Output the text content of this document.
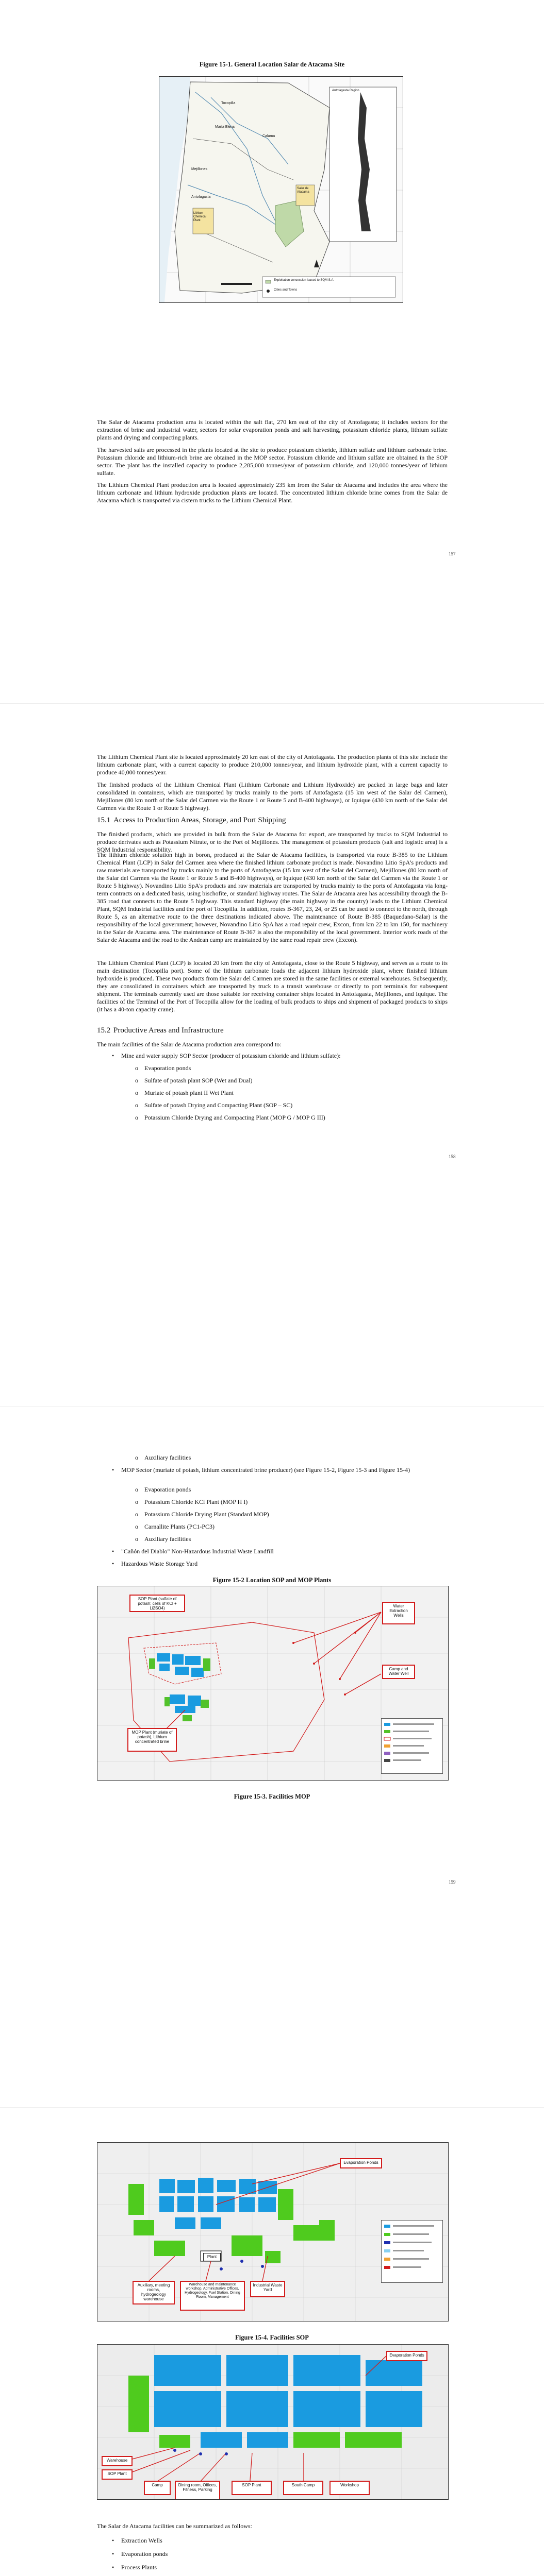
Figure 15-1. General Location Salar de Atacama Site
Tocopilla
María Elena
Calama
Mejillones
Antofagasta
Salar de Atacama
Lithium Chemical Plant
Antofagasta Region
Exploitation concession leased to SQM S.A.
Cities and Towns

The Salar de Atacama production area is located within the salt flat, 270 km east of the city of Antofagasta; it includes sectors for the extraction of brine and industrial water, sectors for solar evaporation ponds and salt harvesting, potassium chloride plants, lithium sulfate plants and drying and compacting plants.

The harvested salts are processed in the plants located at the site to produce potassium chloride, lithium sulfate and lithium carbonate brine. Potassium chloride and lithium-rich brine are obtained in the MOP sector. Potassium chloride and lithium sulfate are obtained in the SOP sector. The plant has the installed capacity to produce 2,285,000 tonnes/year of potassium chloride, and 120,000 tonnes/year of lithium sulfate.

The Lithium Chemical Plant production area is located approximately 235 km from the Salar de Atacama and includes the area where the lithium carbonate and lithium hydroxide production plants are located. The concentrated lithium chloride brine comes from the Salar de Atacama which is transported via cistern trucks to the Lithium Chemical Plant.

157

The Lithium Chemical Plant site is located approximately 20 km east of the city of Antofagasta. The production plants of this site include the lithium carbonate plant, with a current capacity to produce 210,000 tonnes/year, and lithium hydroxide plant, with a current capacity to produce 40,000 tonnes/year.

The finished products of the Lithium Chemical Plant (Lithium Carbonate and Lithium Hydroxide) are packed in large bags and later consolidated in containers, which are transported by trucks mainly to the ports of Antofagasta (15 km west of the Salar del Carmen), Mejillones (80 km north of the Salar del Carmen via the Route 1 or Route 5 and B-400 highways), or Iquique (430 km north of the Salar del Carmen via the Route 1 or Route 5 highway).

15.1 Access to Production Areas, Storage, and Port Shipping

The finished products, which are provided in bulk from the Salar de Atacama for export, are transported by trucks to SQM Industrial to produce derivates such as Potassium Nitrate, or to the Port of Mejillones. The management of potassium products (salt and logistic area) is a SQM Industrial responsibility.

The lithium chloride solution high in boron, produced at the Salar de Atacama facilities, is transported via route B-385 to the Lithium Chemical Plant (LCP) in Salar del Carmen area where the finished lithium carbonate product is made. Novandino Litio SpA's products and raw materials are transported by trucks mainly to the ports of Antofagasta (15 km west of the Salar del Carmen), Mejillones (80 km north of the Salar del Carmen via the Route 1 or Route 5 and B-400 highways), or Iquique (430 km north of the Salar del Carmen via the Route 1 or Route 5 highway). Novandino Litio SpA's products and raw materials are transported by trucks mainly to the ports of Antofagasta via long-term contracts on a dedicated basis, using bischofite, or standard highway routes. The Salar de Atacama area has accessibility through the B-385 road that connects to the Route 5 highway. This standard highway (the main highway in the country) leads to the Lithium Chemical Plant, SQM Industrial facilities and the port of Tocopilla. In addition, routes B-367, 23, 24, or 25 can be used to connect to the north, through Route 5, as an alternative route to the three destinations indicated above. The maintenance of Route B-385 (Baquedano-Salar) is the responsibility of the local government; however, Novandino Litio SpA has a road repair crew, Excon, from km 22 to km 150, for machinery in the Salar de Atacama area. The maintenance of Route B-367 is also the responsibility of the local government. Interior work roads of the Salar de Atacama and the road to the Andean camp are maintained by the same road repair crew (Excon).

The Lithium Chemical Plant (LCP) is located 20 km from the city of Antofagasta, close to the Route 5 highway, and serves as a route to its main destination (Tocopilla port). Some of the lithium carbonate loads the adjacent lithium hydroxide plant, where finished lithium hydroxide is produced. These two products from the Salar del Carmen are stored in the same facilities or external warehouses. Subsequently, they are consolidated in containers which are transported by truck to a transit warehouse or directly to port terminals for subsequent shipment. The terminals currently used are those suitable for receiving container ships located in Antofagasta, Mejillones, and Iquique. The facilities of the Terminal of the Port of Tocopilla allow for the loading of bulk products to ships and shipment of packaged products to ships (it has a 40-ton capacity crane).

15.2 Productive Areas and Infrastructure

The main facilities of the Salar de Atacama production area correspond to:

• Mine and water supply SOP Sector (producer of potassium chloride and lithium sulfate):
o Evaporation ponds
o Sulfate of potash plant SOP (Wet and Dual)
o Muriate of potash plant II Wet Plant
o Sulfate of potash Drying and Compacting Plant (SOP – SC)
o Potassium Chloride Drying and Compacting Plant (MOP G / MOP G III)
158
o Auxiliary facilities
• MOP Sector (muriate of potash, lithium concentrated brine producer) (see Figure 15-2, Figure 15-3 and Figure 15-4)
o Evaporation ponds
o Potassium Chloride KCl Plant (MOP H I)
o Potassium Chloride Drying Plant (Standard MOP)
o Carnallite Plants (PC1-PC3)
o Auxiliary facilities
• "Cañón del Diablo" Non-Hazardous Industrial Waste Landfill
• Hazardous Waste Storage Yard
Figure 15-2 Location SOP and MOP Plants
SOP Plant (sulfate of potash; cells of KCl + Li2SO4)
MOP Plant (muriate of potash), Lithium concentrated brine
Water Extraction Wells
Camp and Water Well
Figure 15-3. Facilities MOP
159
Evaporation Ponds
Auxiliary, meeting rooms, hydrogeology warehouse
Warehouse and maintenance workshop, Administrative Offices, Hydrogeology, Fuel Station, Dining Room, Management
Industrial Waste Yard
Plant
Figure 15-4. Facilities SOP
Evaporation Ponds
Warehouse
SOP Plant
Camp	Dining room, Offices, Fitness, Parking
SOP Plant	South Camp	Workshop

The Salar de Atacama facilities can be summarized as follows:

• Extraction Wells
• Evaporation ponds
• Process Plants
